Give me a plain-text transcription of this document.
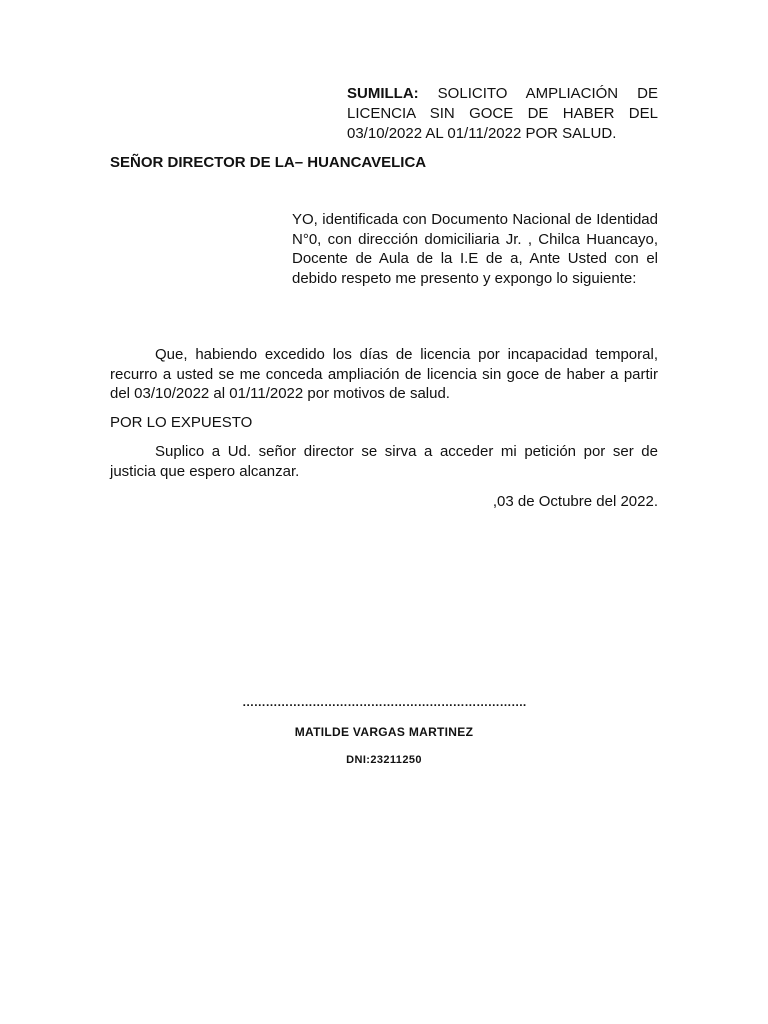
SUMILLA: SOLICITO AMPLIACIÓN DE LICENCIA SIN GOCE DE HABER DEL 03/10/2022 AL 01/11/2022 POR SALUD.
SEÑOR DIRECTOR DE LA– HUANCAVELICA
YO, identificada con Documento Nacional de Identidad N°0, con dirección domiciliaria Jr. , Chilca Huancayo, Docente de Aula de la I.E de a, Ante Usted con el debido respeto me presento y expongo lo siguiente:
Que, habiendo excedido los días de licencia por incapacidad temporal, recurro a usted se me conceda ampliación de licencia sin goce de haber a partir del 03/10/2022 al 01/11/2022 por motivos de salud.
POR LO EXPUESTO
Suplico a Ud. señor director se sirva a acceder mi petición por ser de justicia que espero alcanzar.
,03 de Octubre del 2022.
……………………………………………………………….
MATILDE VARGAS MARTINEZ
DNI:23211250
